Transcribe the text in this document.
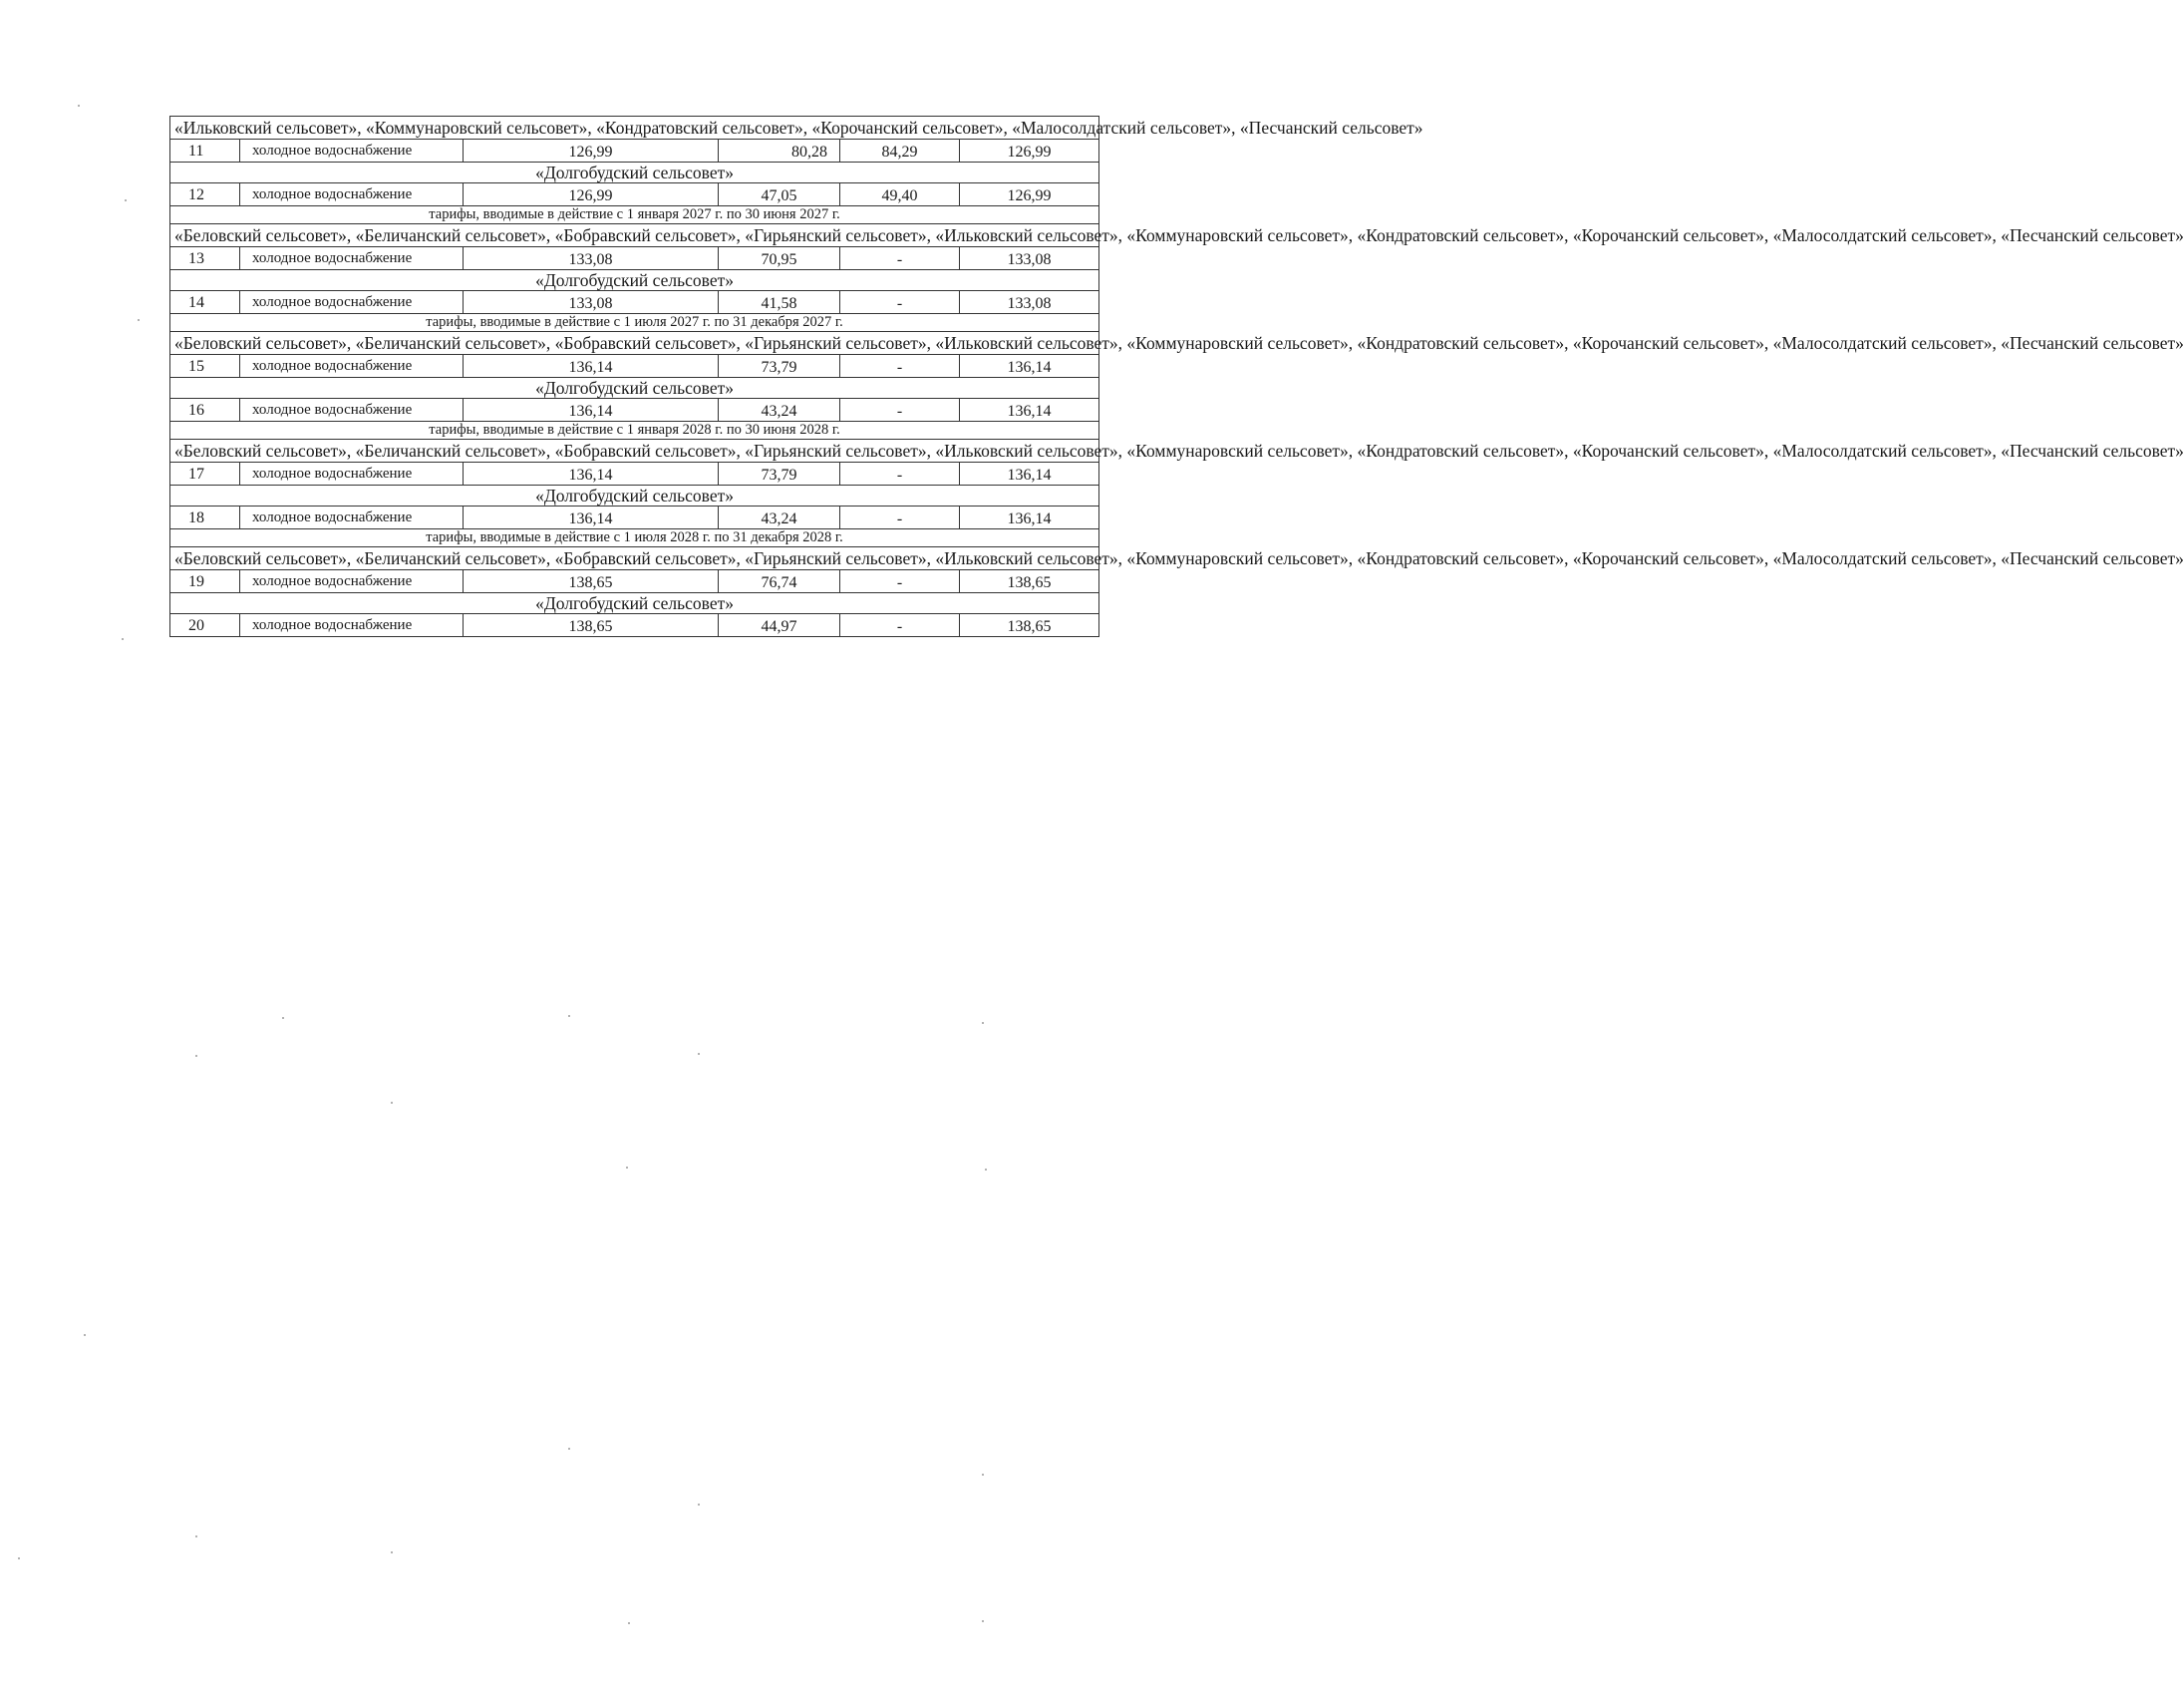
«Ильковский сельсовет», «Коммунаровский сельсовет», «Кондратовский сельсовет», «Корочанский сельсовет», «Малосолдатский сельсовет», «Песчанский сельсовет»					
11	холодное водоснабжение	126,99	80,28	84,29	126,99
«Долгобудский сельсовет»					
12	холодное водоснабжение	126,99	47,05	49,40	126,99
тарифы, вводимые в действие с 1 января 2027 г. по 30 июня 2027 г.					
«Беловский сельсовет», «Беличанский сельсовет», «Бобравский сельсовет», «Гирьянский сельсовет», «Ильковский сельсовет», «Коммунаровский сельсовет», «Кондратовский сельсовет», «Корочанский сельсовет», «Малосолдатский сельсовет», «Песчанский сельсовет»					
13	холодное водоснабжение	133,08	70,95	-	133,08
«Долгобудский сельсовет»					
14	холодное водоснабжение	133,08	41,58	-	133,08
тарифы, вводимые в действие с 1 июля 2027 г. по 31 декабря 2027 г.					
«Беловский сельсовет», «Беличанский сельсовет», «Бобравский сельсовет», «Гирьянский сельсовет», «Ильковский сельсовет», «Коммунаровский сельсовет», «Кондратовский сельсовет», «Корочанский сельсовет», «Малосолдатский сельсовет», «Песчанский сельсовет»					
15	холодное водоснабжение	136,14	73,79	-	136,14
«Долгобудский сельсовет»					
16	холодное водоснабжение	136,14	43,24	-	136,14
тарифы, вводимые в действие с 1 января 2028 г. по 30 июня 2028 г.					
«Беловский сельсовет», «Беличанский сельсовет», «Бобравский сельсовет», «Гирьянский сельсовет», «Ильковский сельсовет», «Коммунаровский сельсовет», «Кондратовский сельсовет», «Корочанский сельсовет», «Малосолдатский сельсовет», «Песчанский сельсовет»					
17	холодное водоснабжение	136,14	73,79	-	136,14
«Долгобудский сельсовет»					
18	холодное водоснабжение	136,14	43,24	-	136,14
тарифы, вводимые в действие с 1 июля 2028 г. по 31 декабря 2028 г.					
«Беловский сельсовет», «Беличанский сельсовет», «Бобравский сельсовет», «Гирьянский сельсовет», «Ильковский сельсовет», «Коммунаровский сельсовет», «Кондратовский сельсовет», «Корочанский сельсовет», «Малосолдатский сельсовет», «Песчанский сельсовет»					
19	холодное водоснабжение	138,65	76,74	-	138,65
«Долгобудский сельсовет»					
20	холодное водоснабжение	138,65	44,97	-	138,65
